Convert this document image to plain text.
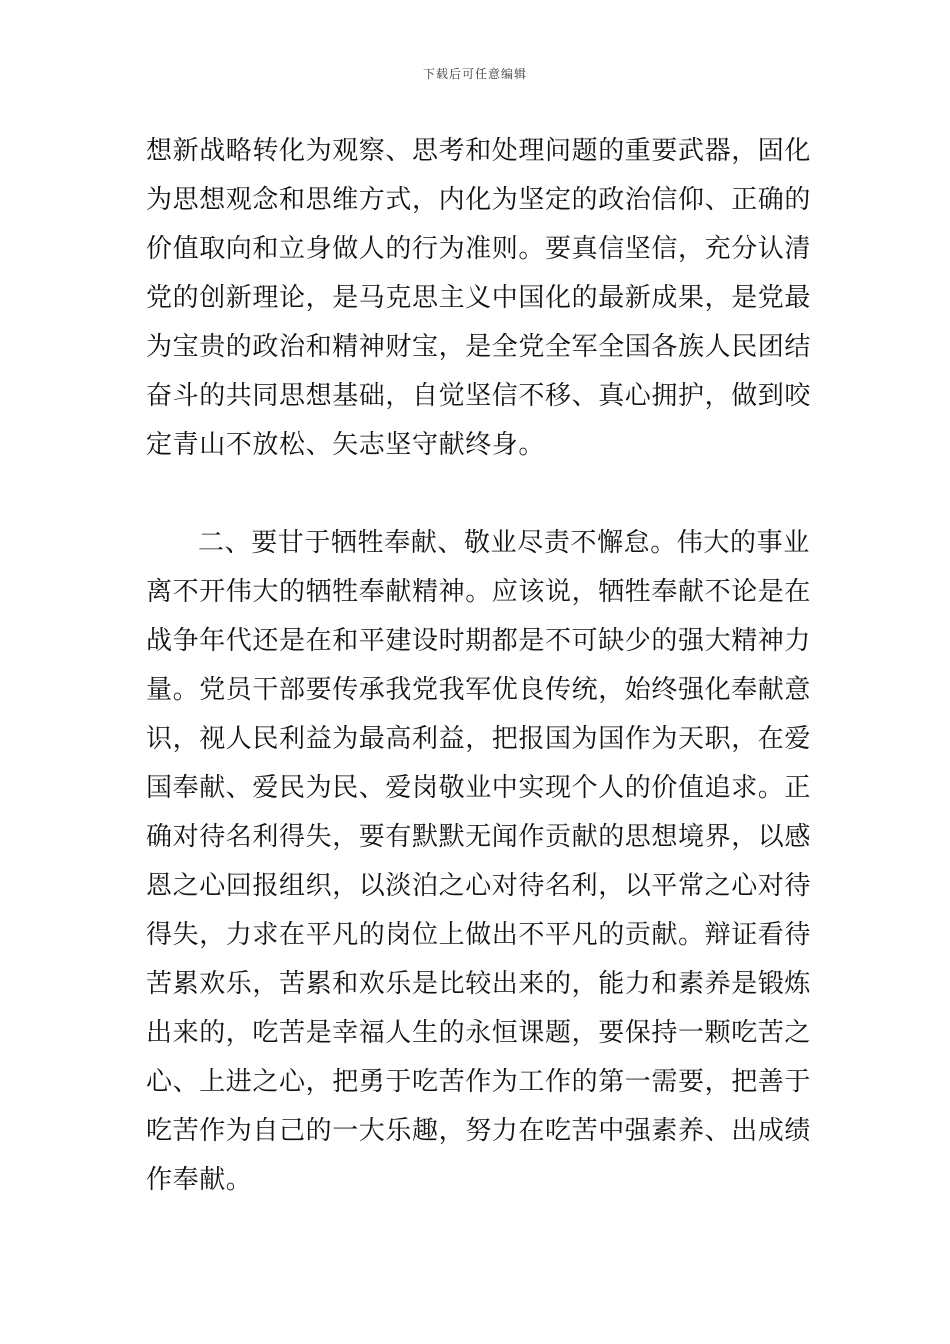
下载后可任意编辑
想新战略转化为观察、思考和处理问题的重要武器，固化
为思想观念和思维方式，内化为坚定的政治信仰、正确的
价值取向和立身做人的行为准则。要真信坚信，充分认清
党的创新理论，是马克思主义中国化的最新成果，是党最
为宝贵的政治和精神财宝，是全党全军全国各族人民团结
奋斗的共同思想基础，自觉坚信不移、真心拥护，做到咬
定青山不放松、矢志坚守献终身。
二、要甘于牺牲奉献、敬业尽责不懈怠。伟大的事业
离不开伟大的牺牲奉献精神。应该说，牺牲奉献不论是在
战争年代还是在和平建设时期都是不可缺少的强大精神力
量。党员干部要传承我党我军优良传统，始终强化奉献意
识，视人民利益为最高利益，把报国为国作为天职，在爱
国奉献、爱民为民、爱岗敬业中实现个人的价值追求。正
确对待名利得失，要有默默无闻作贡献的思想境界，以感
恩之心回报组织，以淡泊之心对待名利，以平常之心对待
得失，力求在平凡的岗位上做出不平凡的贡献。辩证看待
苦累欢乐，苦累和欢乐是比较出来的，能力和素养是锻炼
出来的，吃苦是幸福人生的永恒课题，要保持一颗吃苦之
心、上进之心，把勇于吃苦作为工作的第一需要，把善于
吃苦作为自己的一大乐趣，努力在吃苦中强素养、出成绩
作奉献。
